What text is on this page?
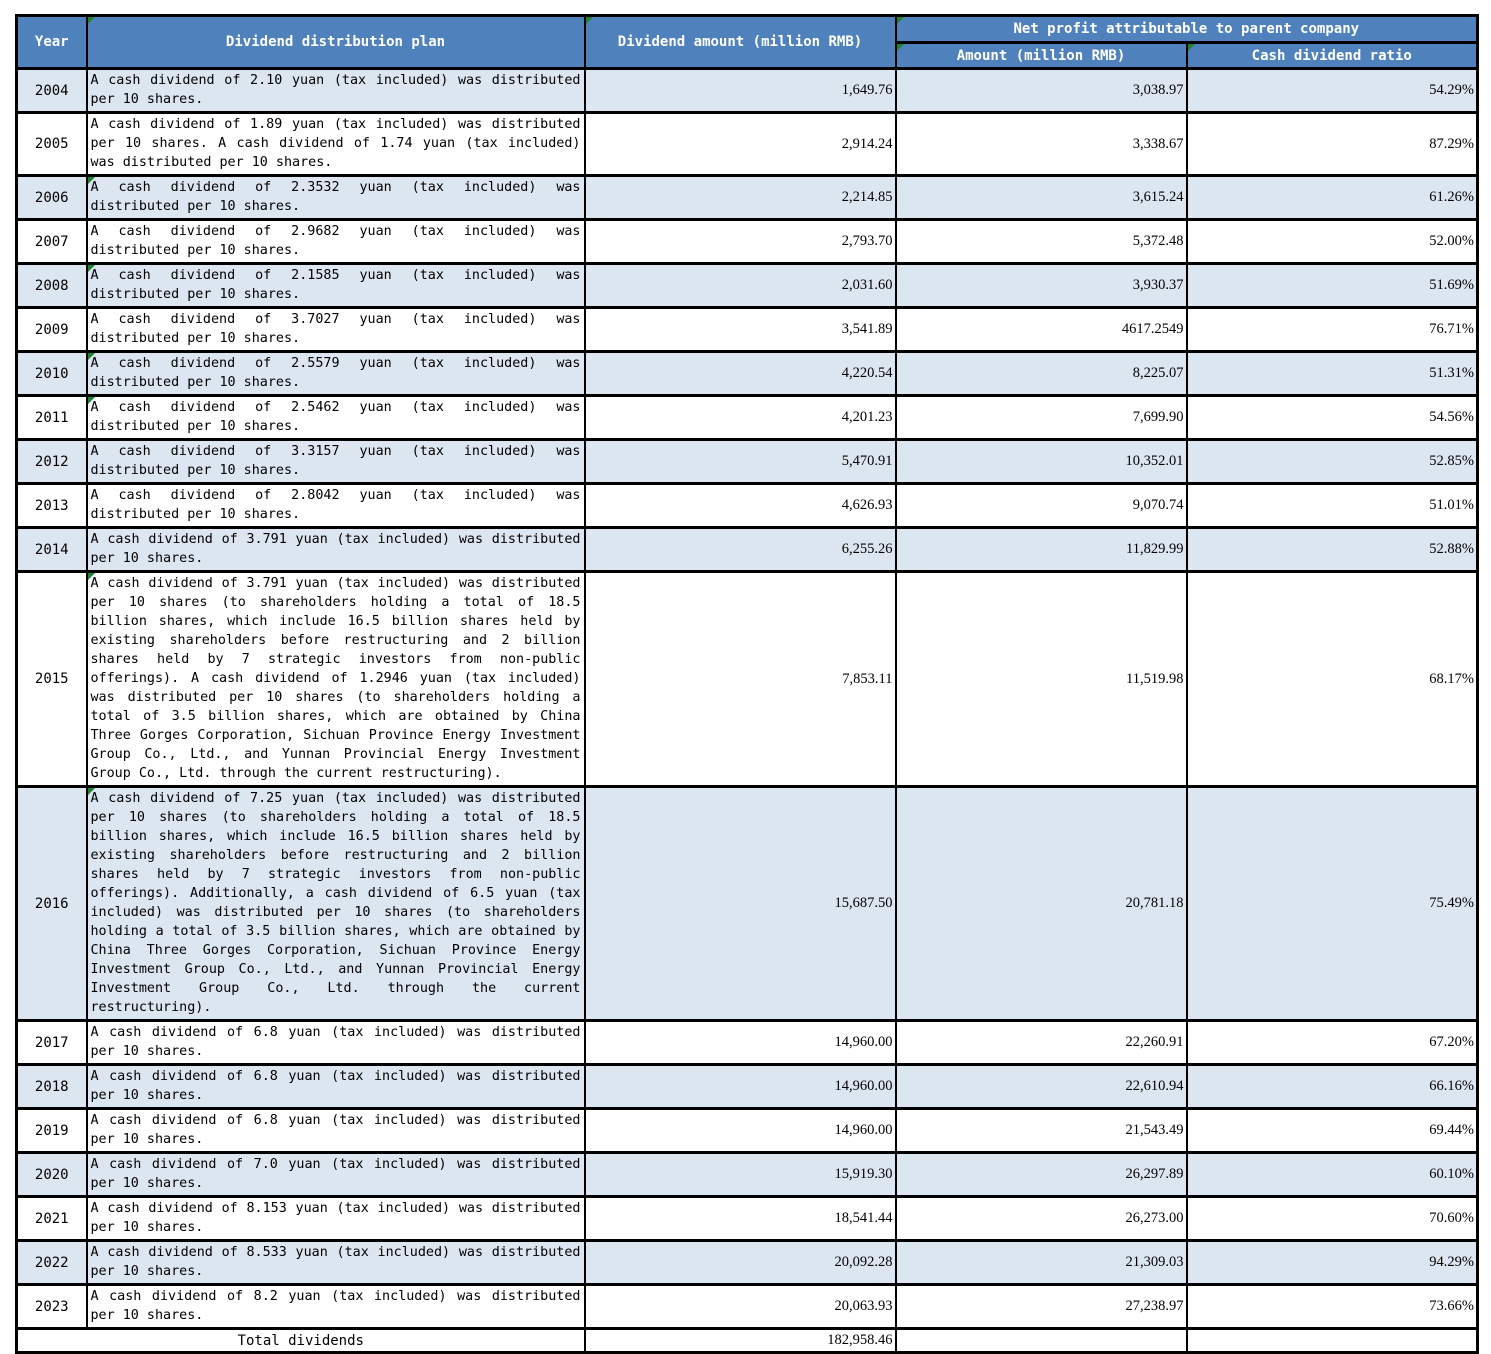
Year	Dividend distribution plan	Dividend amount (million RMB)	Net profit attributable to parent company	

Amount (million RMB)	Cash dividend ratio
2004	A cash dividend of 2.10 yuan (tax included) was distributed per 10 shares.	1,649.76	3,038.97	54.29%
2005	A cash dividend of 1.89 yuan (tax included) was distributed per 10 shares. A cash dividend of 1.74 yuan (tax included) was distributed per 10 shares.	2,914.24	3,338.67	87.29%
2006	A cash dividend of 2.3532 yuan (tax included) was distributed per 10 shares.	2,214.85	3,615.24	61.26%
2007	A cash dividend of 2.9682 yuan (tax included) was distributed per 10 shares.	2,793.70	5,372.48	52.00%
2008	A cash dividend of 2.1585 yuan (tax included) was distributed per 10 shares.	2,031.60	3,930.37	51.69%
2009	A cash dividend of 3.7027 yuan (tax included) was distributed per 10 shares.	3,541.89	4617.2549	76.71%
2010	A cash dividend of 2.5579 yuan (tax included) was distributed per 10 shares.	4,220.54	8,225.07	51.31%
2011	A cash dividend of 2.5462 yuan (tax included) was distributed per 10 shares.	4,201.23	7,699.90	54.56%
2012	A cash dividend of 3.3157 yuan (tax included) was distributed per 10 shares.	5,470.91	10,352.01	52.85%
2013	A cash dividend of 2.8042 yuan (tax included) was distributed per 10 shares.	4,626.93	9,070.74	51.01%
2014	A cash dividend of 3.791 yuan (tax included) was distributed per 10 shares.	6,255.26	11,829.99	52.88%
2015	A cash dividend of 3.791 yuan (tax included) was distributed per 10 shares (to shareholders holding a total of 18.5 billion shares, which include 16.5 billion shares held by existing shareholders before restructuring and 2 billion shares held by 7 strategic investors from non-public offerings). A cash dividend of 1.2946 yuan (tax included) was distributed per 10 shares (to shareholders holding a total of 3.5 billion shares, which are obtained by China Three Gorges Corporation, Sichuan Province Energy Investment Group Co., Ltd., and Yunnan Provincial Energy Investment Group Co., Ltd. through the current restructuring).	7,853.11	11,519.98	68.17%
2016	A cash dividend of 7.25 yuan (tax included) was distributed per 10 shares (to shareholders holding a total of 18.5 billion shares, which include 16.5 billion shares held by existing shareholders before restructuring and 2 billion shares held by 7 strategic investors from non-public offerings). Additionally, a cash dividend of 6.5 yuan (tax included) was distributed per 10 shares (to shareholders holding a total of 3.5 billion shares, which are obtained by China Three Gorges Corporation, Sichuan Province Energy Investment Group Co., Ltd., and Yunnan Provincial Energy Investment Group Co., Ltd. through the current restructuring).	15,687.50	20,781.18	75.49%
2017	A cash dividend of 6.8 yuan (tax included) was distributed per 10 shares.	14,960.00	22,260.91	67.20%
2018	A cash dividend of 6.8 yuan (tax included) was distributed per 10 shares.	14,960.00	22,610.94	66.16%
2019	A cash dividend of 6.8 yuan (tax included) was distributed per 10 shares.	14,960.00	21,543.49	69.44%
2020	A cash dividend of 7.0 yuan (tax included) was distributed per 10 shares.	15,919.30	26,297.89	60.10%
2021	A cash dividend of 8.153 yuan (tax included) was distributed per 10 shares.	18,541.44	26,273.00	70.60%
2022	A cash dividend of 8.533 yuan (tax included) was distributed per 10 shares.	20,092.28	21,309.03	94.29%
2023	A cash dividend of 8.2 yuan (tax included) was distributed per 10 shares.	20,063.93	27,238.97	73.66%
Total dividends		182,958.46		
